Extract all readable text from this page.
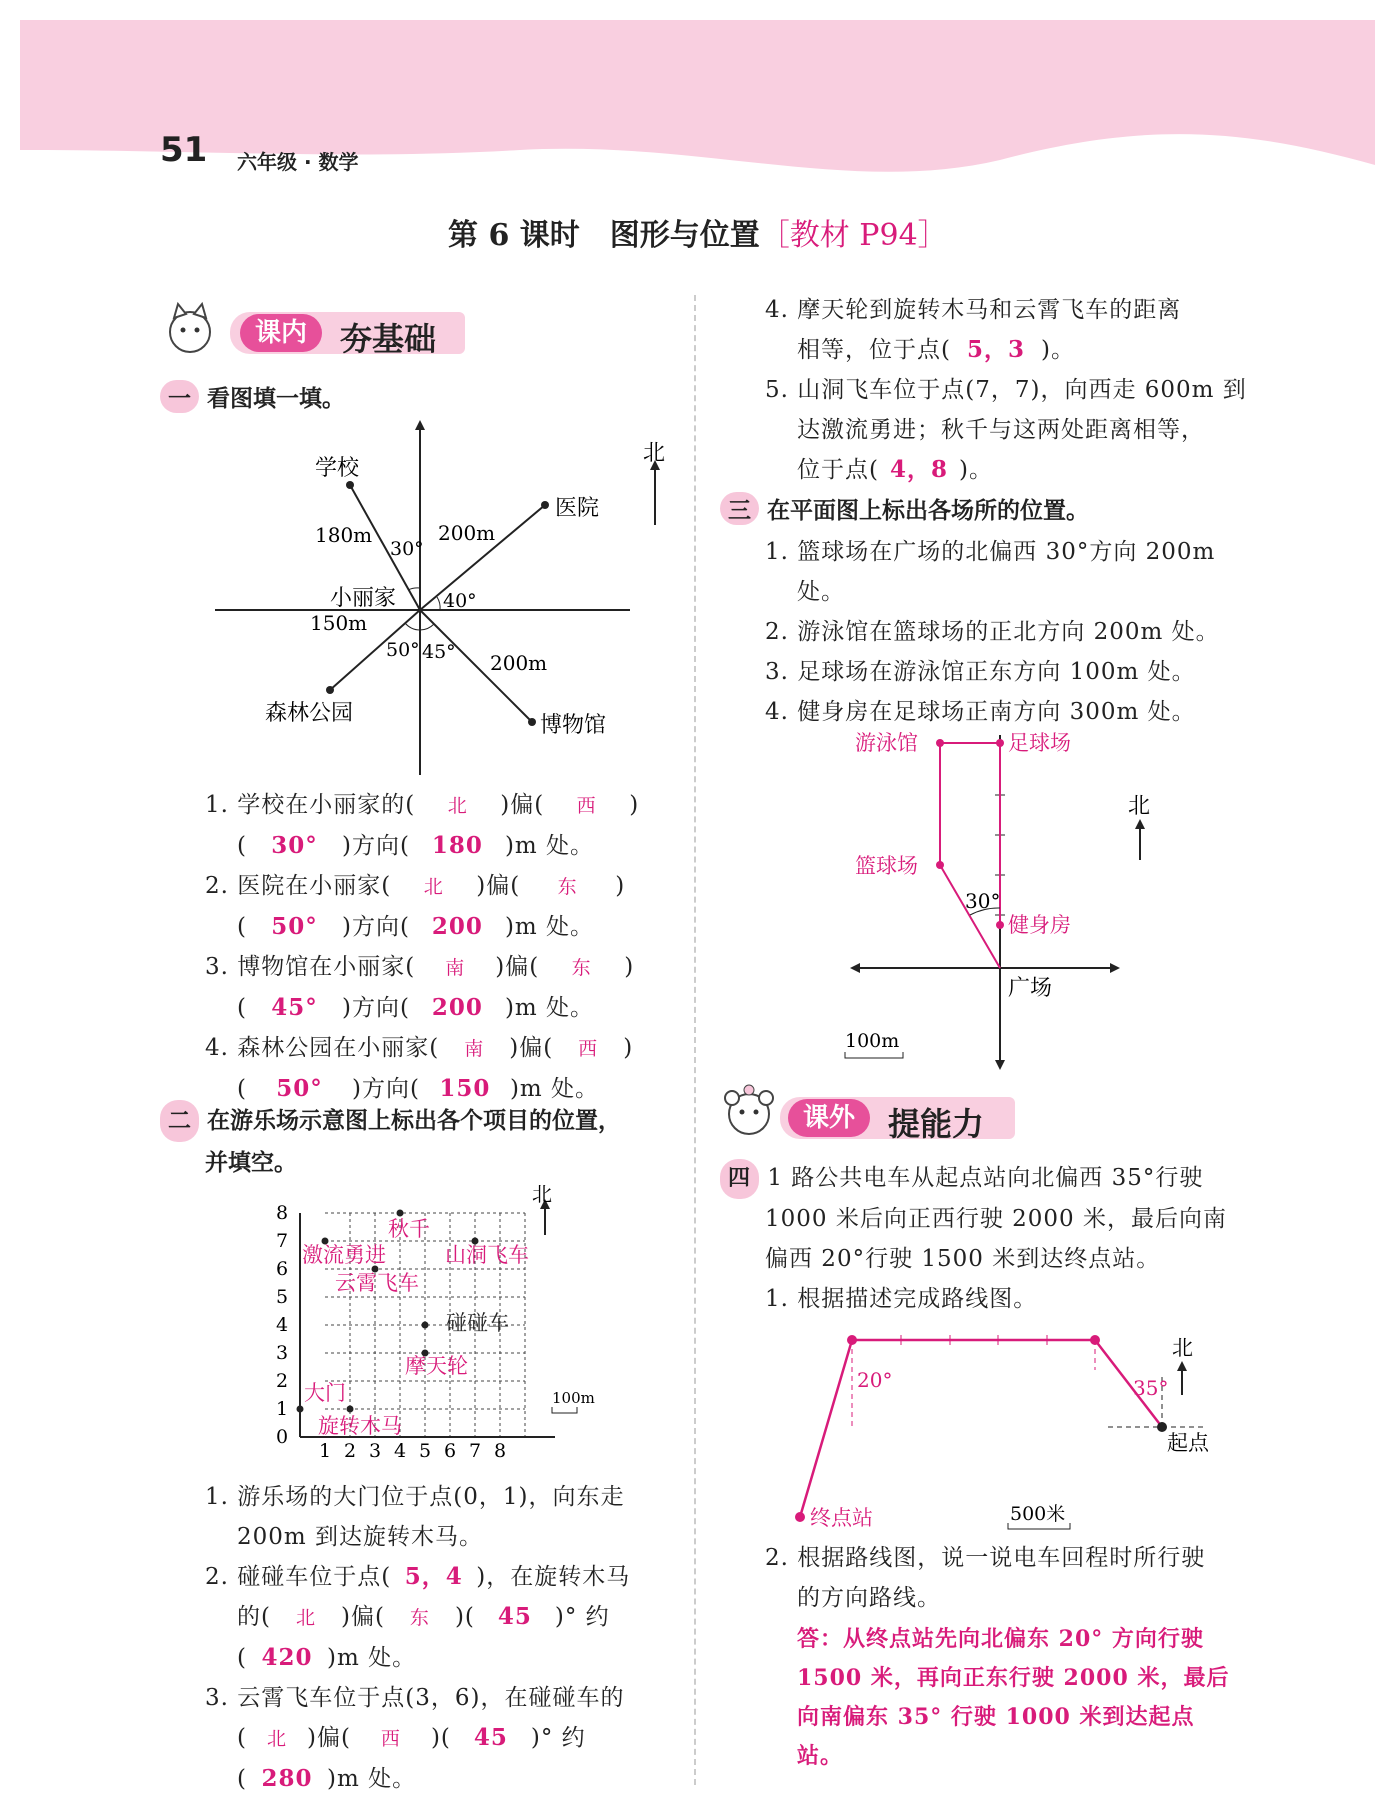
51 六年级 · 数学
第 6 课时　图形与位置［教材 P94］
课内	夯基础
一 看图填一填。
学校
医院
小丽家
森林公园	博物馆
北
180m	200m
150m
200m
30°
40°
50° 45°
1. 学校在小丽家的( 北 )偏( 西 )
( 30° )方向( 180 )m 处。
2. 医院在小丽家( 北 )偏( 东 )
( 50° )方向( 200 )m 处。
3. 博物馆在小丽家( 南 )偏( 东 )
( 45° )方向( 200 )m 处。
4. 森林公园在小丽家( 南 )偏( 西 )
( 50° )方向( 150 )m 处。
二 在游乐场示意图上标出各个项目的位置，
并填空。
0
1
2
3
4
5
6
7
8
1 2 3 4 5 6 7 8
北
100m
秋千
激流勇进	山洞飞车
云霄飞车
碰碰车
摩天轮
大门
旋转木马
1. 游乐场的大门位于点(0，1)，向东走
200m 到达旋转木马。
2. 碰碰车位于点( 5，4 )，在旋转木马
的( 北 )偏( 东 )( 45 )° 约
( 420 )m 处。
3. 云霄飞车位于点(3，6)，在碰碰车的
( 北 )偏( 西 )( 45 )° 约
( 280 )m 处。
4. 摩天轮到旋转木马和云霄飞车的距离
相等，位于点( 5，3 )。
5. 山洞飞车位于点(7，7)，向西走 600m 到
达激流勇进；秋千与这两处距离相等，
位于点( 4，8 )。
三 在平面图上标出各场所的位置。
1. 篮球场在广场的北偏西 30°方向 200m
处。
2. 游泳馆在篮球场的正北方向 200m 处。
3. 足球场在游泳馆正东方向 100m 处。
4. 健身房在足球场正南方向 300m 处。
游泳馆	足球场
篮球场
健身房
30°
广场
北
100m
课外	提能力
四 1 路公共电车从起点站向北偏西 35°行驶
1000 米后向正西行驶 2000 米，最后向南
偏西 20°行驶 1500 米到达终点站。
1. 根据描述完成路线图。
北
35°
20°
起点
终点站	500米
2. 根据路线图，说一说电车回程时所行驶
的方向路线。
答：从终点站先向北偏东 20° 方向行驶
1500 米，再向正东行驶 2000 米，最后
向南偏东 35° 行驶 1000 米到达起点
站。
